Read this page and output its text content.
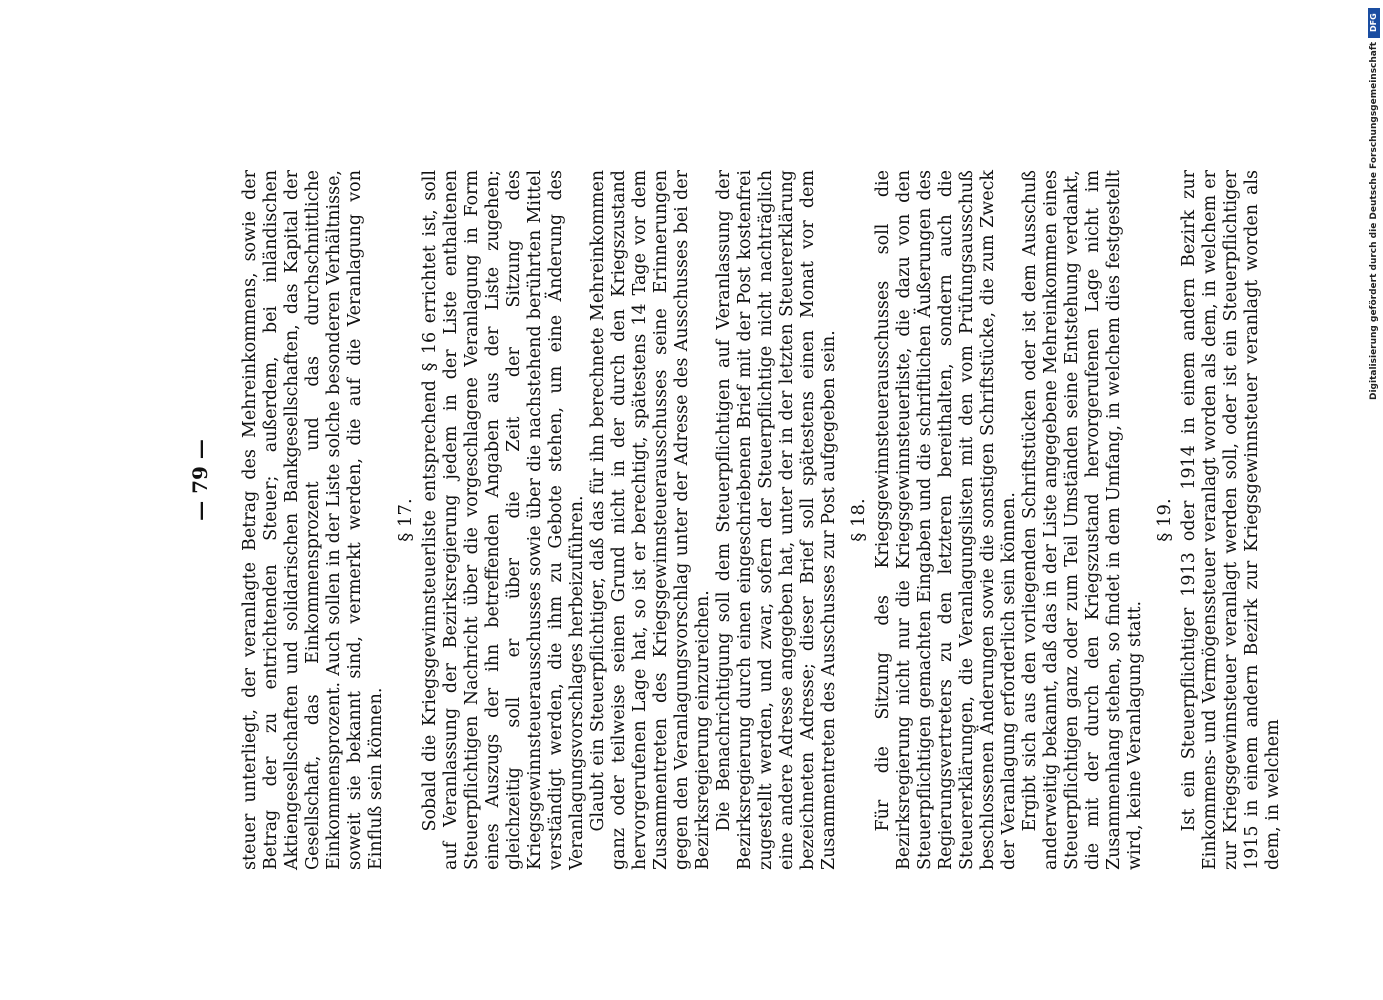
— 79 —	steuer unterliegt, der veranlagte Betrag des Mehreinkommens, sowie der Betrag der zu entrichtenden Steuer; außerdem, bei inländischen Aktiengesellschaften und solidarischen Bankgesellschaften, das Kapital der Gesellschaft, das Einkommensprozent und das durchschnittliche Einkommensprozent. Auch sollen in der Liste solche besonderen Verhältnisse, soweit sie bekannt sind, vermerkt werden, die auf die Veranlagung von Einfluß sein können.

§ 17. Sobald die Kriegsgewinnsteuerliste entsprechend § 16 errichtet ist, soll auf Veranlassung der Bezirksregierung jedem in der Liste enthaltenen Steuerpflichtigen Nachricht über die vorgeschlagene Veranlagung in Form eines Auszugs der ihn betreffenden Angaben aus der Liste zugehen; gleichzeitig soll er über die Zeit der Sitzung des Kriegsgewinnsteuerausschusses sowie über die nachstehend berührten Mittel verständigt werden, die ihm zu Gebote stehen, um eine Änderung des Veranlagungsvorschlages herbeizuführen. Glaubt ein Steuerpflichtiger, daß das für ihn berechnete Mehreinkommen ganz oder teilweise seinen Grund nicht in der durch den Kriegszustand hervorgerufenen Lage hat, so ist er berechtigt, spätestens 14 Tage vor dem Zusammentreten des Kriegsgewinnsteuerausschusses seine Erinnerungen gegen den Veranlagungsvorschlag unter der Adresse des Ausschusses bei der Bezirksregierung einzureichen. Die Benachrichtigung soll dem Steuerpflichtigen auf Veranlassung der Bezirksregierung durch einen eingeschriebenen Brief mit der Post kostenfrei zugestellt werden, und zwar, sofern der Steuerpflichtige nicht nachträglich eine andere Adresse angegeben hat, unter der in der letzten Steuererklärung bezeichneten Adresse; dieser Brief soll spätestens einen Monat vor dem Zusammentreten des Ausschusses zur Post aufgegeben sein. § 18. Für die Sitzung des Kriegsgewinnsteuerausschusses soll die Bezirksregierung nicht nur die Kriegsgewinnsteuerliste, die dazu von den Steuerpflichtigen gemachten Eingaben und die schriftlichen Äußerungen des Regierungsvertreters zu den letzteren bereithalten, sondern auch die Steuererklärungen, die Veranlagungslisten mit den vom Prüfungsausschuß beschlossenen Änderungen sowie die sonstigen Schriftstücke, die zum Zweck der Veranlagung erforderlich sein können. Ergibt sich aus den vorliegenden Schriftstücken oder ist dem Ausschuß anderweitig bekannt, daß das in der Liste angegebene Mehreinkommen eines Steuerpflichtigen ganz oder zum Teil Umständen seine Entstehung verdankt, die mit der durch den Kriegszustand hervorgerufenen Lage nicht im Zusammenhang stehen, so findet in dem Umfang, in welchem dies festgestellt wird, keine Veranlagung statt.

§ 19. Ist ein Steuerpflichtiger 1913 oder 1914 in einem andern Bezirk zur Einkommens- und Vermögenssteuer veranlagt worden als dem, in welchem er zur Kriegsgewinnsteuer veranlagt werden soll, oder ist ein Steuerpflichtiger 1915 in einem andern Bezirk zur Kriegsgewinnsteuer veranlagt worden als dem, in welchem

DFG
Digitalisierung gefördert durch die Deutsche Forschungsgemeinschaft
